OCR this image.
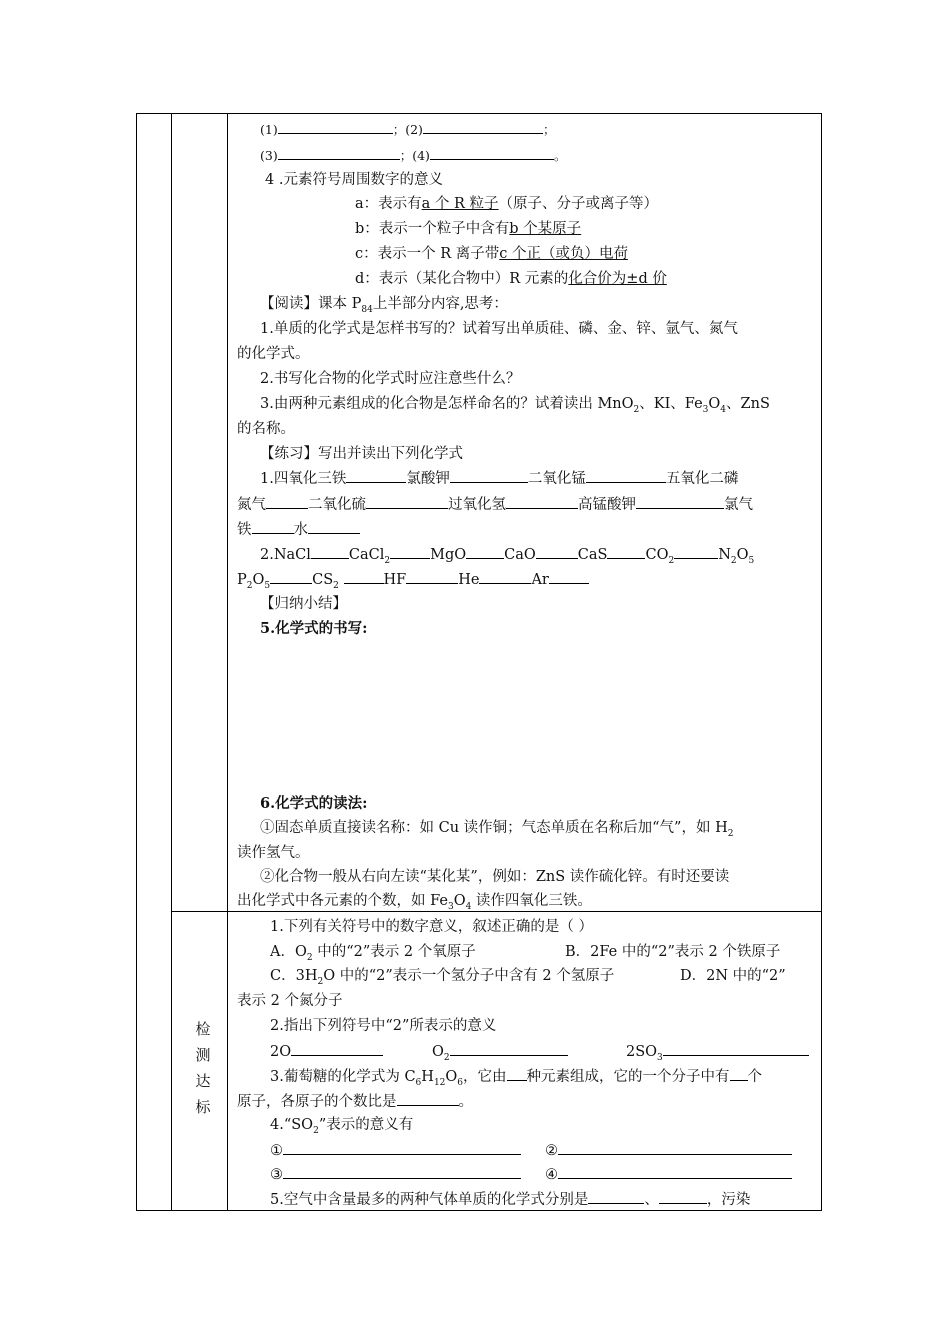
检
测
达
标
(1)	；(2)	；
(3)	；(4)	。
4 .元素符号周围数字的意义
a：表示有a 个 R 粒子（原子、分子或离子等）
b：表示一个粒子中含有b 个某原子
c：表示一个 R 离子带c 个正（或负）电荷
d：表示（某化合物中）R 元素的化合价为±d 价
【阅读】课本 $P_{84}$上半部分内容,思考：
1.单质的化学式是怎样书写的？试着写出单质硅、磷、金、锌、氩气、氮气
的化学式。
2.书写化合物的化学式时应注意些什么？
3.由两种元素组成的化合物是怎样命名的？试着读出 MnO$_2$、KI、$Fe_3O_4$、ZnS
的名称。
【练习】写出并读出下列化学式
1.四氧化三铁	氯酸钾	二氧化锰	五氧化二磷
氮气	二氧化硫	过氧化氢	高锰酸钾	氯气
铁	水
2.NaCl	CaCl$_2$	MgO	CaO	CaS	$CO_2$	$N_2O_5$
$P_2O_5$	$CS_2$	HF	He	Ar
【归纳小结】
5.化学式的书写:
6.化学式的读法:
①固态单质直接读名称：如 Cu 读作铜；气态单质在名称后加“气”，如 $H_2$
读作氢气。
②化合物一般从右向左读“某化某”，例如：ZnS 读作硫化锌。有时还要读
出化学式中各元素的个数，如 $Fe_3O_4$ 读作四氧化三铁。
1.下列有关符号中的数字意义，叙述正确的是（ ）
A．$O_2$ 中的“2”表示 2 个氧原子	B．2Fe 中的“2”表示 2 个铁原子
C．$3H_2O$ 中的“2”表示一个氢分子中含有 2 个氢原子	D．2N 中的“2”
表示 2 个氮分子
2.指出下列符号中“2”所表示的意义
2O	$O_2$	$2SO_3$
3.葡萄糖的化学式为 $C_6H_{12}O_6$，它由 种元素组成，它的一个分子中有 个
原子，各原子的个数比是	。
$4.“SO_2$”表示的意义有
①	②
③	④
5.空气中含量最多的两种气体单质的化学式分别是	、	，污染
